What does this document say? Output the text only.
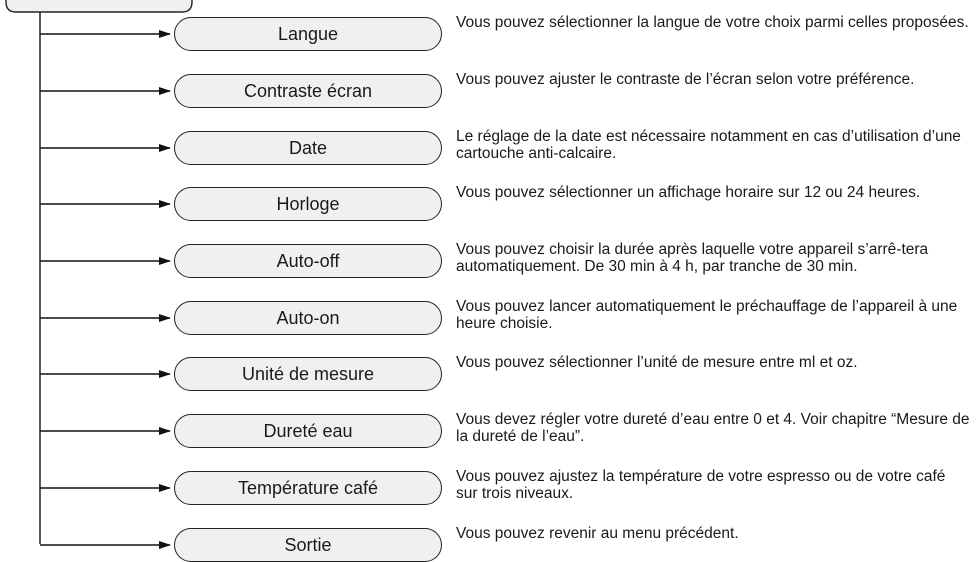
Langue
Vous pouvez sélectionner la langue de votre choix parmi celles proposées.
Contraste écran
Vous pouvez ajuster le contraste de l’écran selon votre préférence.
Date
Le réglage de la date est nécessaire notamment en cas d’utilisation d’une cartouche anti-calcaire.
Horloge
Vous pouvez sélectionner un affichage horaire sur 12 ou 24 heures.
Auto-off
Vous pouvez choisir la durée après laquelle votre appareil s’arrê-tera automatiquement. De 30 min à 4 h, par tranche de 30 min.
Auto-on
Vous pouvez lancer automatiquement le préchauffage de l’appareil à une heure choisie.
Unité de mesure
Vous pouvez sélectionner l’unité de mesure entre ml et oz.
Dureté eau
Vous devez régler votre dureté d’eau entre 0 et 4. Voir chapitre “Mesure de la dureté de l’eau”.
Température café
Vous pouvez ajustez la température de votre espresso ou de votre café sur trois niveaux.
Sortie
Vous pouvez revenir au menu précédent.
